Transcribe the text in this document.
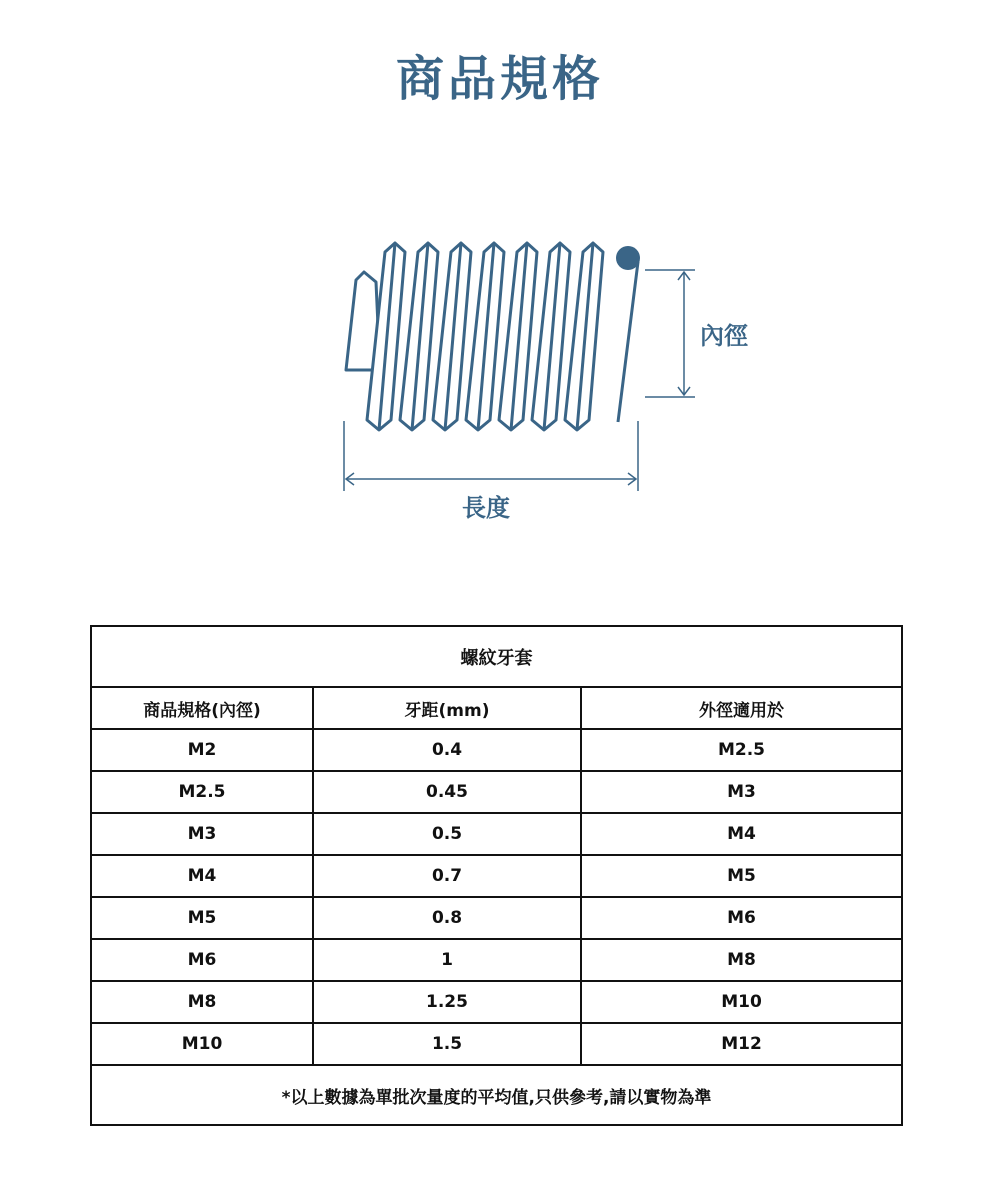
商品規格
內徑
長度
螺紋牙套		
商品規格(內徑)	牙距(mm)	外徑適用於
M2	0.4	M2.5
M2.5	0.45	M3
M3	0.5	M4
M4	0.7	M5
M5	0.8	M6
M6	1	M8
M8	1.25	M10
M10	1.5	M12
*以上數據為單批次量度的平均值,只供參考,請以實物為準		
